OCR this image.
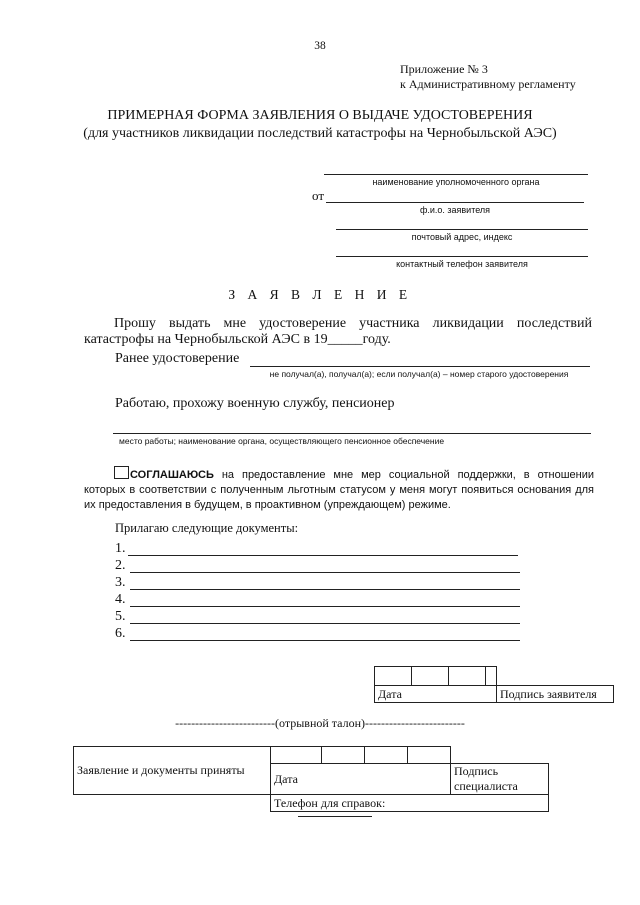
38
Приложение № 3
к Административному регламенту
ПРИМЕРНАЯ ФОРМА ЗАЯВЛЕНИЯ О ВЫДАЧЕ УДОСТОВЕРЕНИЯ
(для участников ликвидации последствий катастрофы на Чернобыльской АЭС)
наименование уполномоченного органа
от
ф.и.о. заявителя
почтовый адрес, индекс
контактный телефон заявителя
З А Я В Л Е Н И Е
Прошу выдать мне удостоверение участника ликвидации последствий катастрофы на Чернобыльской АЭС в 19_____году.
Ранее удостоверение
не получал(а), получал(а); если получал(а) – номер старого удостоверения
Работаю, прохожу военную службу, пенсионер
место работы; наименование органа, осуществляющего пенсионное обеспечение
СОГЛАШАЮСЬ на предоставление мне мер социальной поддержки, в отношении которых в соответствии с полученным льготным статусом у меня могут появиться основания для их предоставления в будущем, в проактивном (упреждающем) режиме.
Прилагаю следующие документы:
1.
2.
3.
4.
5.
6.

Дата				Подпись заявителя
-------------------------(отрывной талон)-------------------------
Заявление и документы приняты					
	Дата				Подпись специалиста
	Телефон для справок:				
